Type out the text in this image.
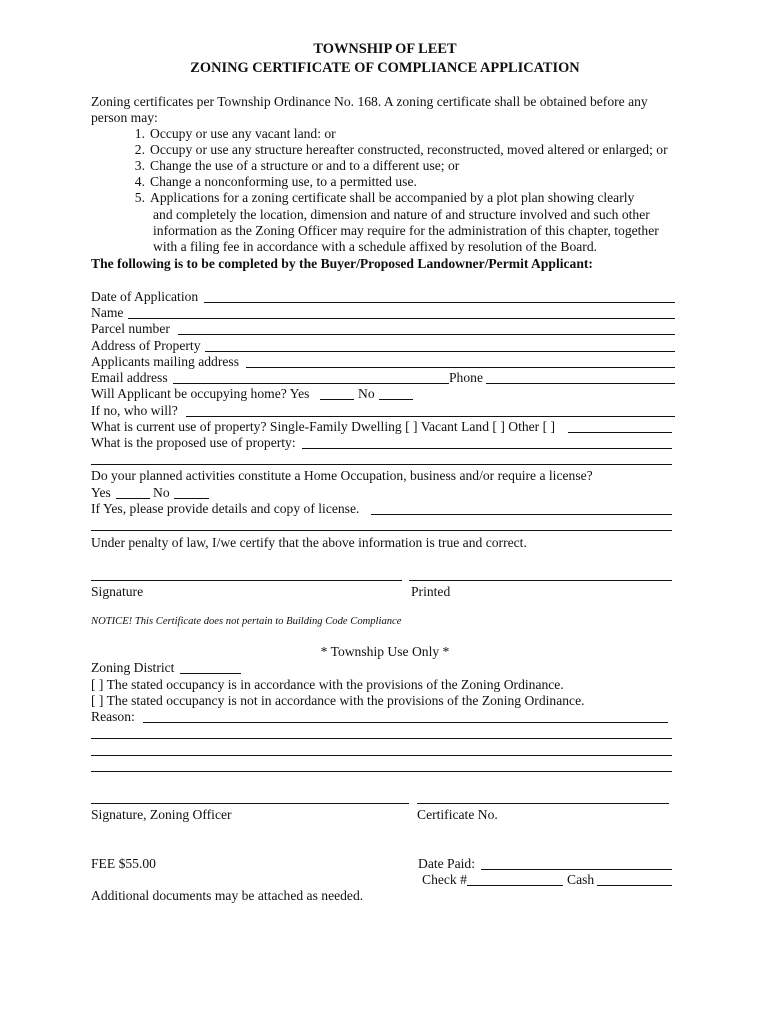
TOWNSHIP OF LEET
ZONING CERTIFICATE OF COMPLIANCE APPLICATION
Zoning certificates per Township Ordinance No. 168. A zoning certificate shall be obtained before any
person may:
1. Occupy or use any vacant land: or
2. Occupy or use any structure hereafter constructed, reconstructed, moved altered or enlarged; or
3. Change the use of a structure or and to a different use; or
4. Change a nonconforming use, to a permitted use.
5. Applications for a zoning certificate shall be accompanied by a plot plan showing clearly
and completely the location, dimension and nature of and structure involved and such other
information as the Zoning Officer may require for the administration of this chapter, together
with a filing fee in accordance with a schedule affixed by resolution of the Board.
The following is to be completed by the Buyer/Proposed Landowner/Permit Applicant:
Date of Application
Name
Parcel number
Address of Property
Applicants mailing address
Email address	Phone
Will Applicant be occupying home? Yes	No
If no, who will?
What is current use of property? Single-Family Dwelling [ ] Vacant Land [ ] Other [ ]
What is the proposed use of property:
Do your planned activities constitute a Home Occupation, business and/or require a license?
Yes	No
If Yes, please provide details and copy of license.
Under penalty of law, I/we certify that the above information is true and correct.
Signature	Printed
NOTICE! This Certificate does not pertain to Building Code Compliance
* Township Use Only *
Zoning District
[ ] The stated occupancy is in accordance with the provisions of the Zoning Ordinance.
[ ] The stated occupancy is not in accordance with the provisions of the Zoning Ordinance.
Reason:
Signature, Zoning Officer	Certificate No.
FEE $55.00	Date Paid:
Check #	Cash
Additional documents may be attached as needed.
